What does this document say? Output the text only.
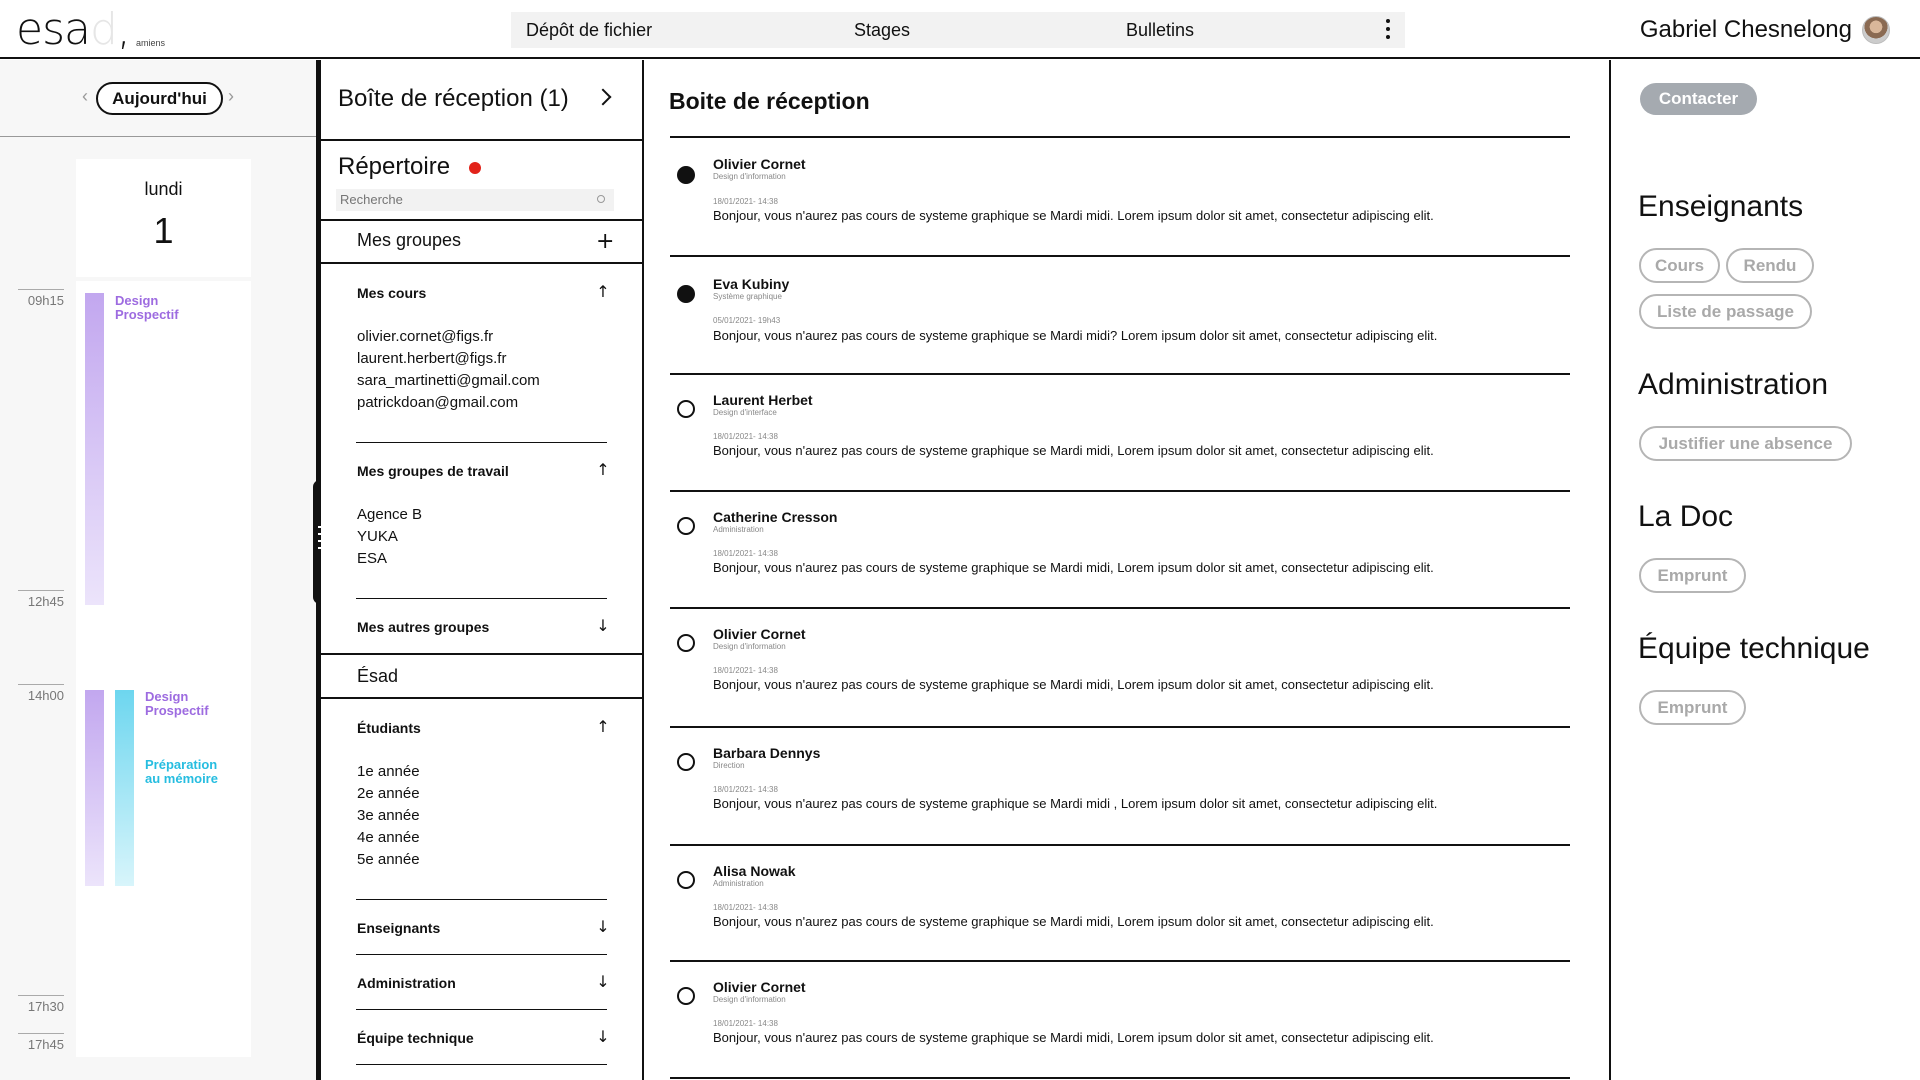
esad, amiens
Dépôt de fichier	Stages	Bulletins	Gabriel Chesnelong
‹	Aujourd'hui	›
lundi
1
Design
Prospectif
Design
Prospectif
Préparation
au mémoire
09h15
12h45
14h00
17h30
17h45
Boîte de réception (1)
Répertoire
Recherche
Mes groupes	+
Mes cours	↑
olivier.cornet@figs.fr
laurent.herbert@figs.fr
sara_martinetti@gmail.com
patrickdoan@gmail.com
Mes groupes de travail	↑
Agence B
YUKA
ESA
Mes autres groupes	↓
Ésad
Étudiants	↑
1e année
2e année
3e année
4e année
5e année
Enseignants	↓
Administration	↓
Équipe technique	↓
Boite de réception
Olivier Cornet
Design d'information
18/01/2021- 14:38
Bonjour, vous n'aurez pas cours de systeme graphique se Mardi midi. Lorem ipsum dolor sit amet, consectetur adipiscing elit.
Eva Kubiny
Système graphique
05/01/2021- 19h43
Bonjour, vous n'aurez pas cours de systeme graphique se Mardi midi? Lorem ipsum dolor sit amet, consectetur adipiscing elit.
Laurent Herbet
Design d'interface
18/01/2021- 14:38
Bonjour, vous n'aurez pas cours de systeme graphique se Mardi midi, Lorem ipsum dolor sit amet, consectetur adipiscing elit.
Catherine Cresson
Administration
18/01/2021- 14:38
Bonjour, vous n'aurez pas cours de systeme graphique se Mardi midi, Lorem ipsum dolor sit amet, consectetur adipiscing elit.
Olivier Cornet
Design d'information
18/01/2021- 14:38
Bonjour, vous n'aurez pas cours de systeme graphique se Mardi midi, Lorem ipsum dolor sit amet, consectetur adipiscing elit.
Barbara Dennys
Direction
18/01/2021- 14:38
Bonjour, vous n'aurez pas cours de systeme graphique se Mardi midi , Lorem ipsum dolor sit amet, consectetur adipiscing elit.
Alisa Nowak
Administration
18/01/2021- 14:38
Bonjour, vous n'aurez pas cours de systeme graphique se Mardi midi, Lorem ipsum dolor sit amet, consectetur adipiscing elit.
Olivier Cornet
Design d'information
18/01/2021- 14:38
Bonjour, vous n'aurez pas cours de systeme graphique se Mardi midi, Lorem ipsum dolor sit amet, consectetur adipiscing elit.
Contacter
Enseignants
Cours	Rendu
Liste de passage
Administration
Justifier une absence
La Doc
Emprunt
Équipe technique
Emprunt
